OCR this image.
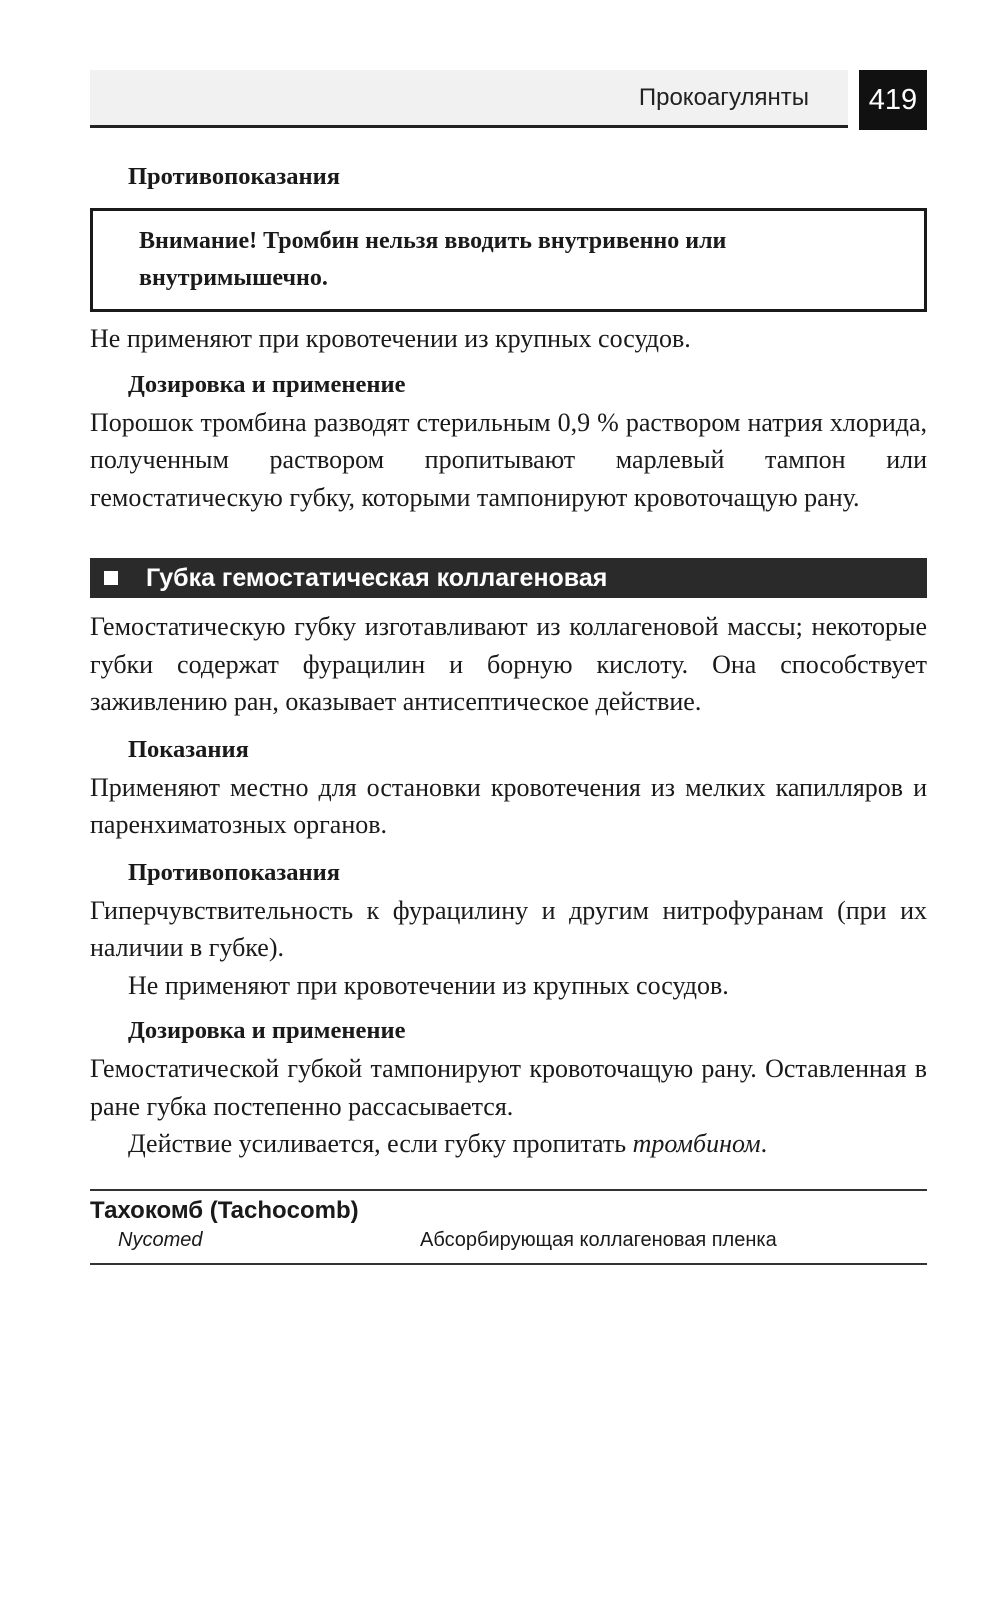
Прокоагулянты	419
Противопоказания
Внимание! Тромбин нельзя вводить внутривенно или внутримышечно.

Не применяют при кровотечении из крупных сосудов.

Дозировка и применение

Порошок тромбина разводят стерильным 0,9 % раствором натрия хлорида, полученным раствором пропитывают марлевый тампон или гемостатическую губку, которыми тампонируют кровоточащую рану.

Губка гемостатическая коллагеновая

Гемостатическую губку изготавливают из коллагеновой массы; некоторые губки содержат фурацилин и борную кислоту. Она способствует заживлению ран, оказывает антисептическое действие.

Показания

Применяют местно для остановки кровотечения из мелких капилляров и паренхиматозных органов.

Противопоказания

Гиперчувствительность к фурацилину и другим нитрофуранам (при их наличии в губке).

Не применяют при кровотечении из крупных сосудов.

Дозировка и применение

Гемостатической губкой тампонируют кровоточащую рану. Оставленная в ране губка постепенно рассасывается.

Действие усиливается, если губку пропитать тромбином.

Тахокомб (Tachocomb)
Nycomed	Абсорбирующая коллагеновая пленка
